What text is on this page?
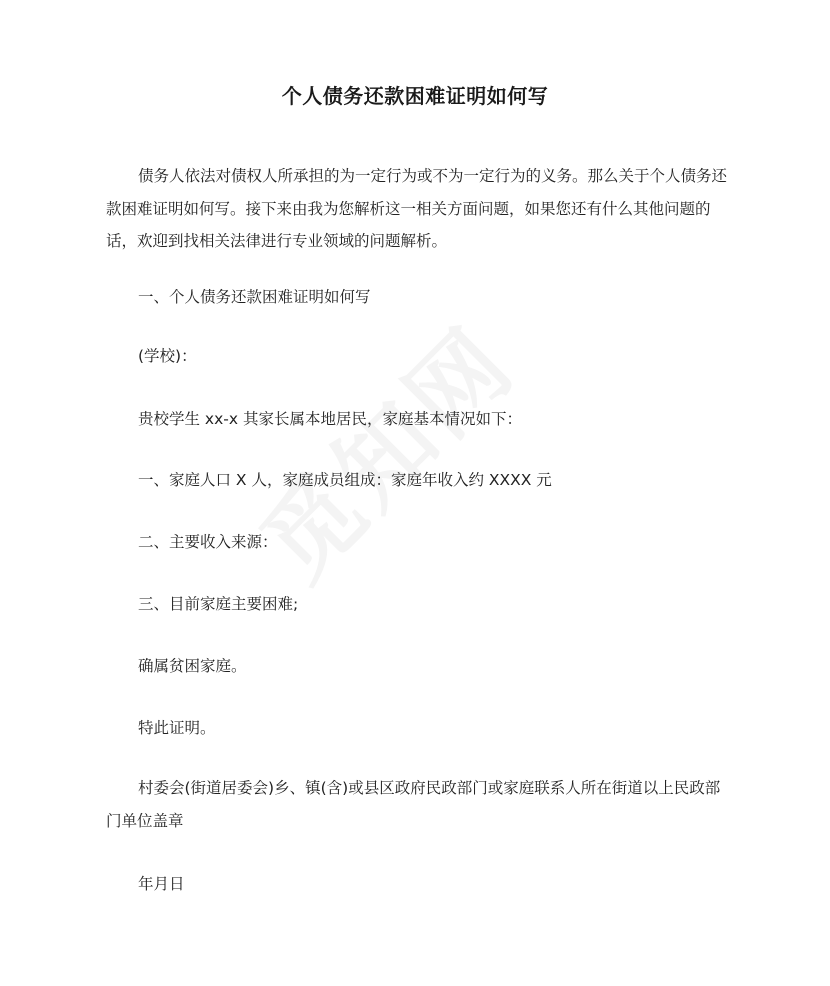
个人债务还款困难证明如何写

债务人依法对债权人所承担的为一定行为或不为一定行为的义务。那么关于个人债务还款困难证明如何写。接下来由我为您解析这一相关方面问题，如果您还有什么其他问题的话，欢迎到找相关法律进行专业领域的问题解析。

一、个人债务还款困难证明如何写

(学校)：

贵校学生 xx-x 其家长属本地居民，家庭基本情况如下：

一、家庭人口 X 人，家庭成员组成：家庭年收入约 XXXX 元

二、主要收入来源：

三、目前家庭主要困难;

确属贫困家庭。

特此证明。

村委会(街道居委会)乡、镇(含)或县区政府民政部门或家庭联系人所在街道以上民政部门单位盖章

年月日
